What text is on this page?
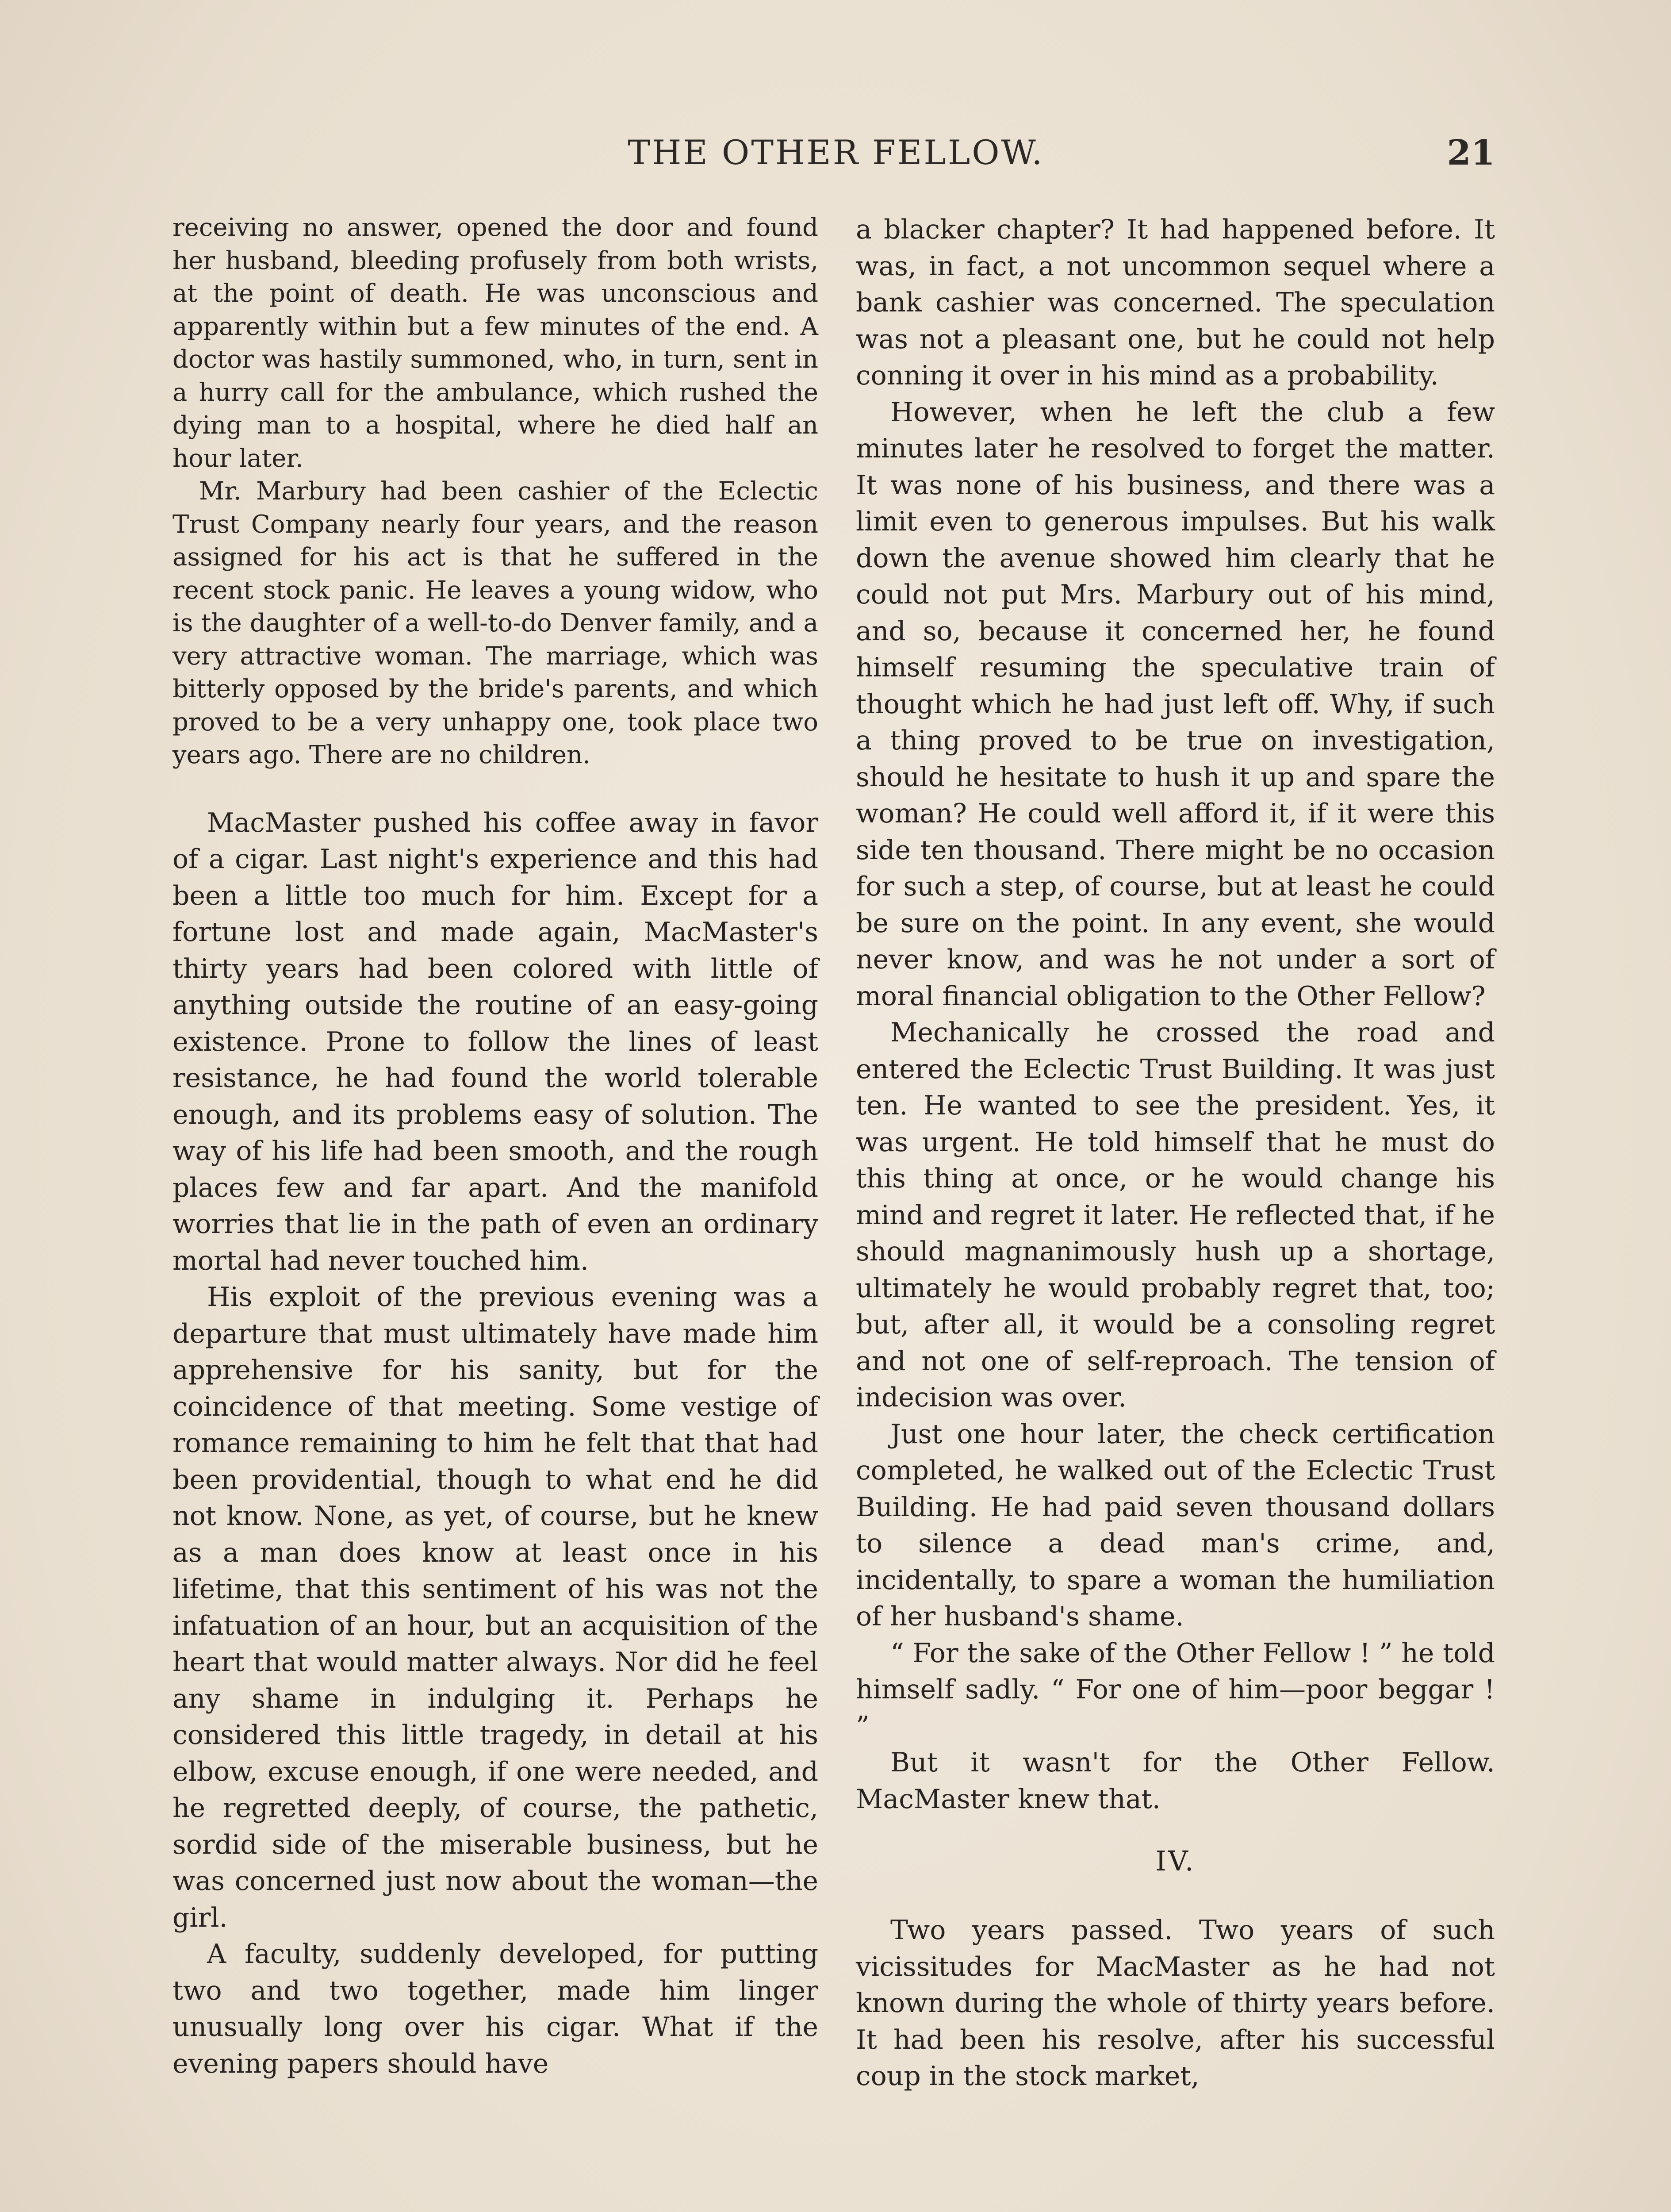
THE OTHER FELLOW.	21

receiving no answer, opened the door and found her husband, bleeding profusely from both wrists, at the point of death. He was unconscious and apparently within but a few minutes of the end. A doctor was hastily summoned, who, in turn, sent in a hurry call for the ambulance, which rushed the dying man to a hospital, where he died half an hour later.

Mr. Marbury had been cashier of the Eclectic Trust Company nearly four years, and the reason assigned for his act is that he suffered in the recent stock panic. He leaves a young widow, who is the daughter of a well-to-do Denver family, and a very attractive woman. The marriage, which was bitterly opposed by the bride's parents, and which proved to be a very unhappy one, took place two years ago. There are no children.

MacMaster pushed his coffee away in favor of a cigar. Last night's experience and this had been a little too much for him. Except for a fortune lost and made again, MacMaster's thirty years had been colored with little of anything outside the routine of an easy-going existence. Prone to follow the lines of least resistance, he had found the world tolerable enough, and its problems easy of solution. The way of his life had been smooth, and the rough places few and far apart. And the manifold worries that lie in the path of even an ordinary mortal had never touched him.

His exploit of the previous evening was a departure that must ultimately have made him apprehensive for his sanity, but for the coincidence of that meeting. Some vestige of romance remaining to him he felt that that had been providential, though to what end he did not know. None, as yet, of course, but he knew as a man does know at least once in his lifetime, that this sentiment of his was not the infatuation of an hour, but an acquisition of the heart that would matter always. Nor did he feel any shame in indulging it. Perhaps he considered this little tragedy, in detail at his elbow, excuse enough, if one were needed, and he regretted deeply, of course, the pathetic, sordid side of the miserable business, but he was concerned just now about the woman—the girl.

A faculty, suddenly developed, for putting two and two together, made him linger unusually long over his cigar. What if the evening papers should have

a blacker chapter? It had happened before. It was, in fact, a not uncommon sequel where a bank cashier was concerned. The speculation was not a pleasant one, but he could not help conning it over in his mind as a probability.

However, when he left the club a few minutes later he resolved to forget the matter. It was none of his business, and there was a limit even to generous impulses. But his walk down the avenue showed him clearly that he could not put Mrs. Marbury out of his mind, and so, because it concerned her, he found himself resuming the speculative train of thought which he had just left off. Why, if such a thing proved to be true on investigation, should he hesitate to hush it up and spare the woman? He could well afford it, if it were this side ten thousand. There might be no occasion for such a step, of course, but at least he could be sure on the point. In any event, she would never know, and was he not under a sort of moral financial obligation to the Other Fellow?

Mechanically he crossed the road and entered the Eclectic Trust Building. It was just ten. He wanted to see the president. Yes, it was urgent. He told himself that he must do this thing at once, or he would change his mind and regret it later. He reflected that, if he should magnanimously hush up a shortage, ultimately he would probably regret that, too; but, after all, it would be a consoling regret and not one of self-reproach. The tension of indecision was over.

Just one hour later, the check certification completed, he walked out of the Eclectic Trust Building. He had paid seven thousand dollars to silence a dead man's crime, and, incidentally, to spare a woman the humiliation of her husband's shame.

“ For the sake of the Other Fellow ! ” he told himself sadly. “ For one of him—poor beggar ! ”

But it wasn't for the Other Fellow. MacMaster knew that.

IV.

Two years passed. Two years of such vicissitudes for MacMaster as he had not known during the whole of thirty years before. It had been his resolve, after his successful coup in the stock market,
